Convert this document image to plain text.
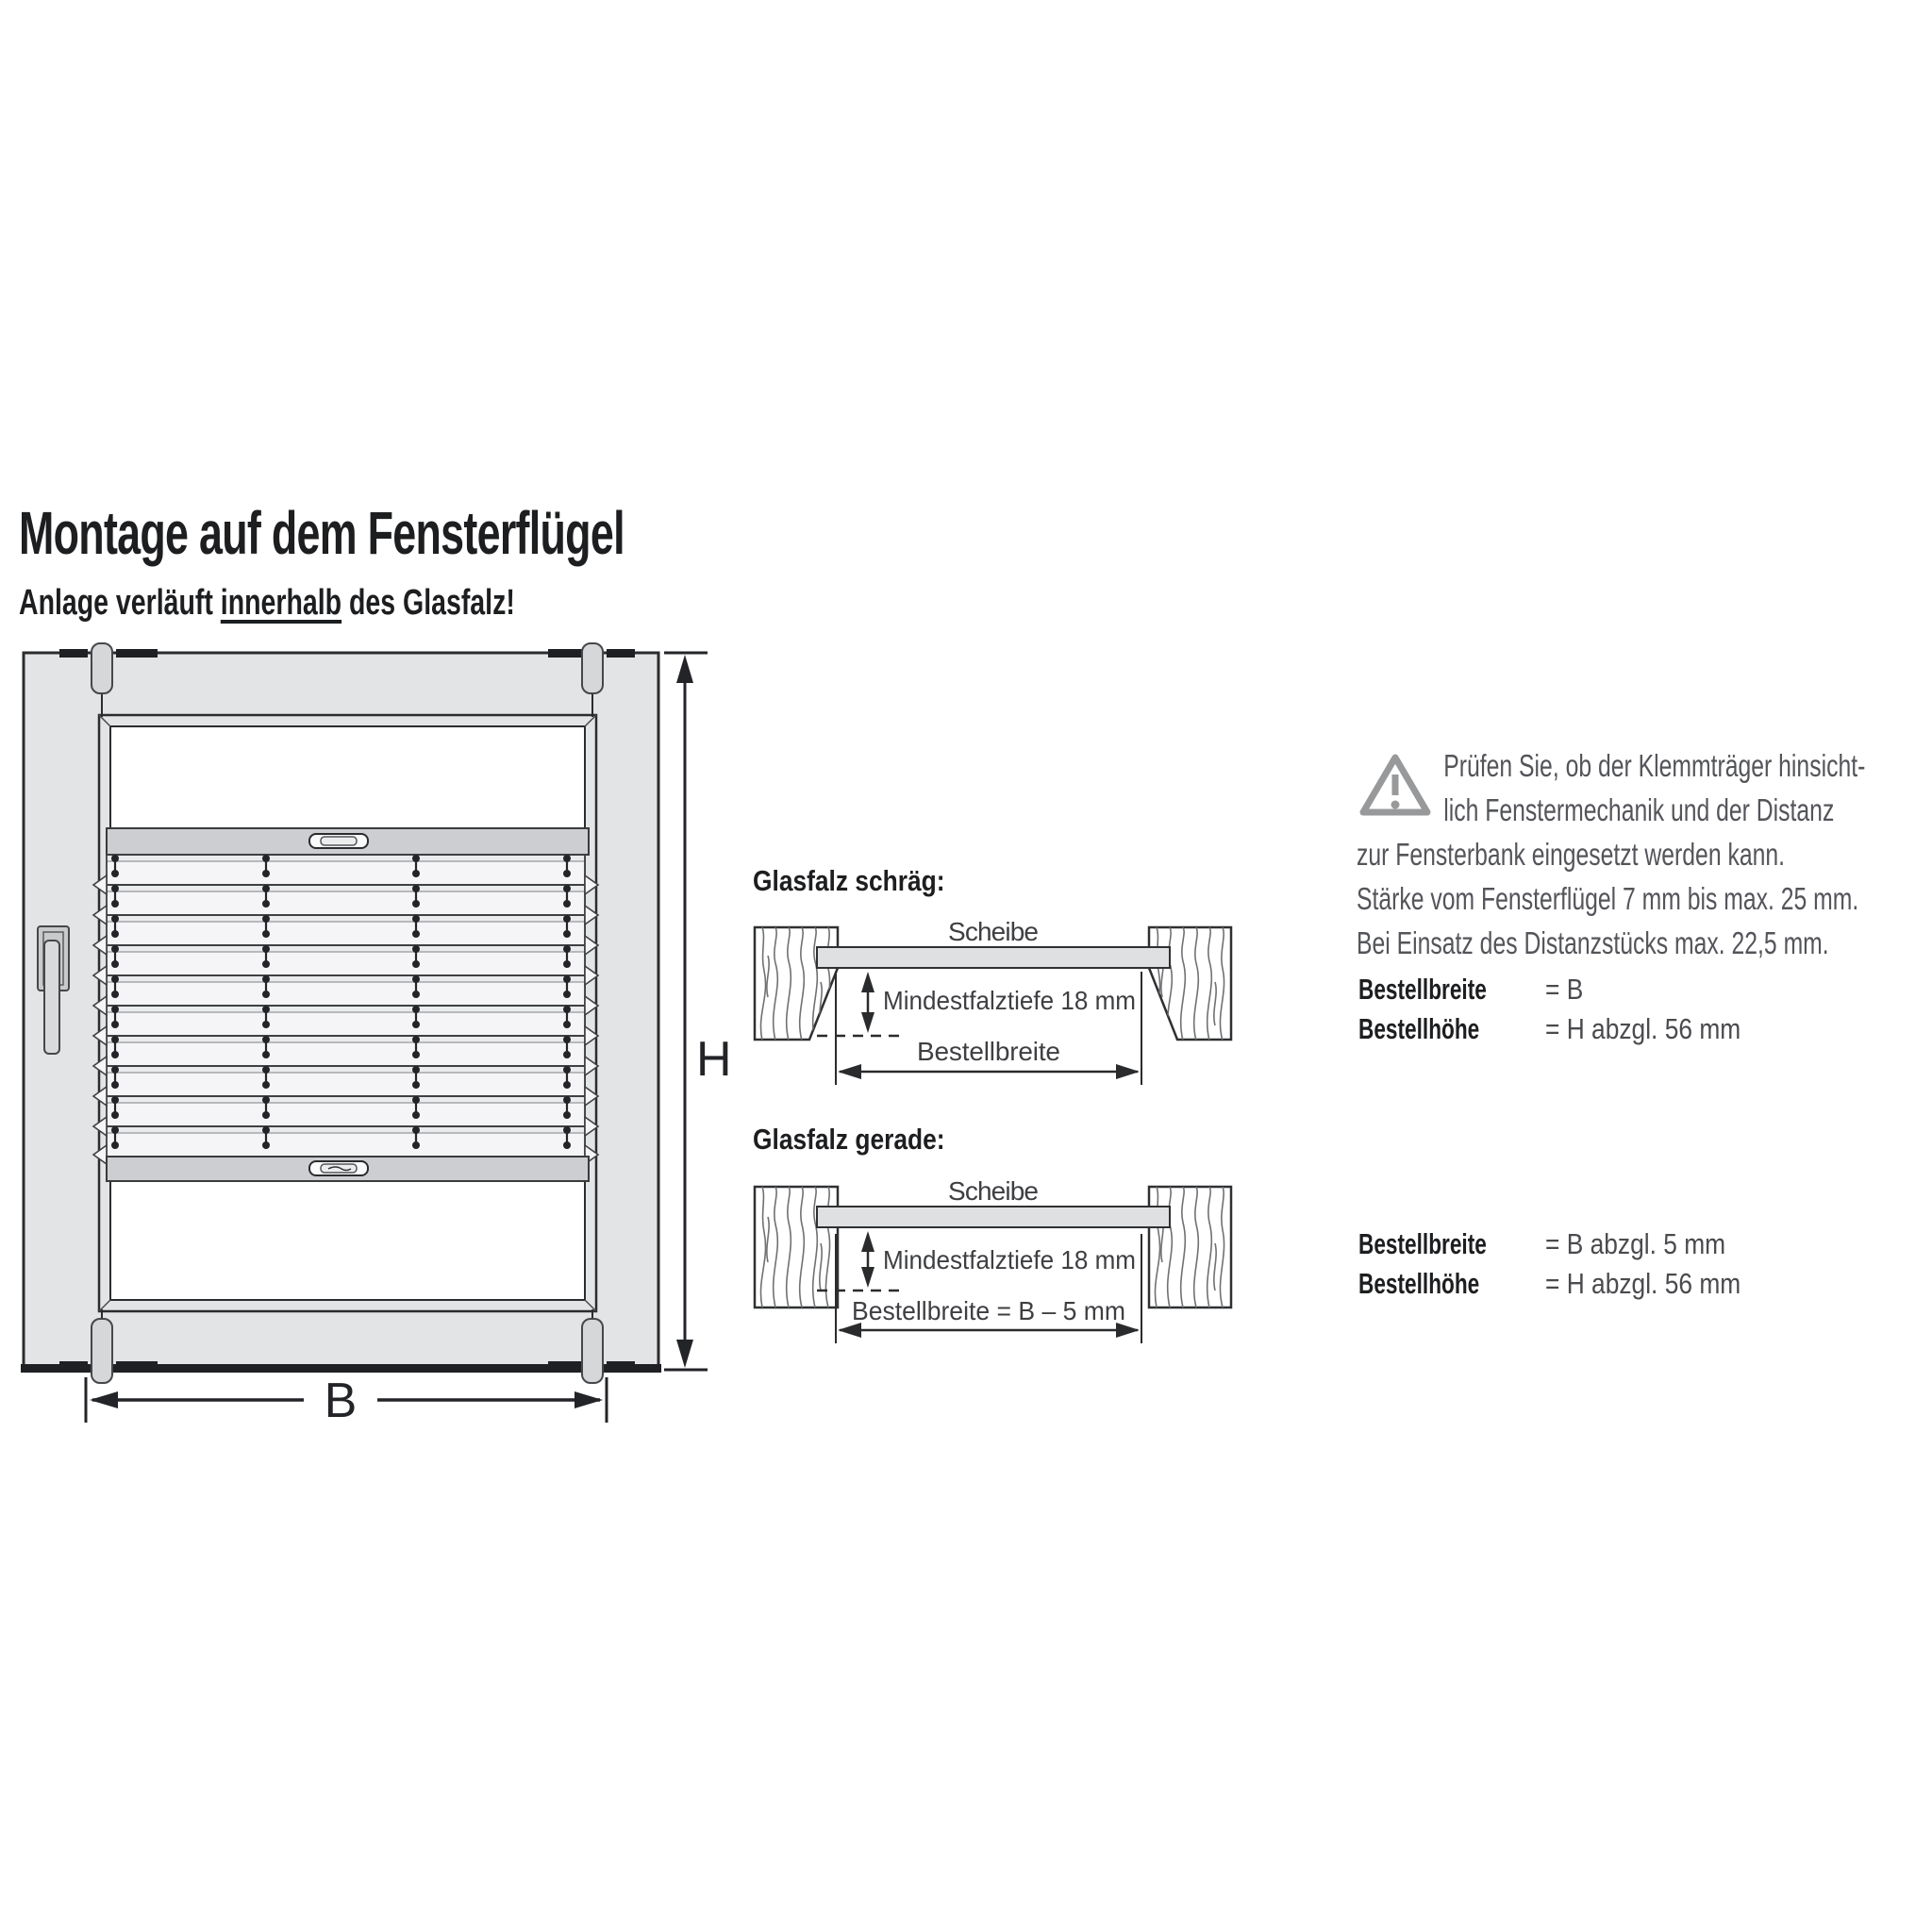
Montage auf dem Fensterflügel
Anlage verläuft innerhalb des Glasfalz!
H
B
Glasfalz schräg:
Scheibe
Mindestfalztiefe 18 mm
Bestellbreite
Glasfalz gerade:
Scheibe
Mindestfalztiefe 18 mm
Bestellbreite = B – 5 mm
Prüfen Sie, ob der Klemmträger hinsicht-
lich Fenstermechanik und der Distanz
zur Fensterbank eingesetzt werden kann.
Stärke vom Fensterflügel 7 mm bis max. 25 mm.
Bei Einsatz des Distanzstücks max. 22,5 mm.
Bestellbreite	= B
Bestellhöhe	= H abzgl. 56 mm
Bestellbreite	= B abzgl. 5 mm
Bestellhöhe	= H abzgl. 56 mm
